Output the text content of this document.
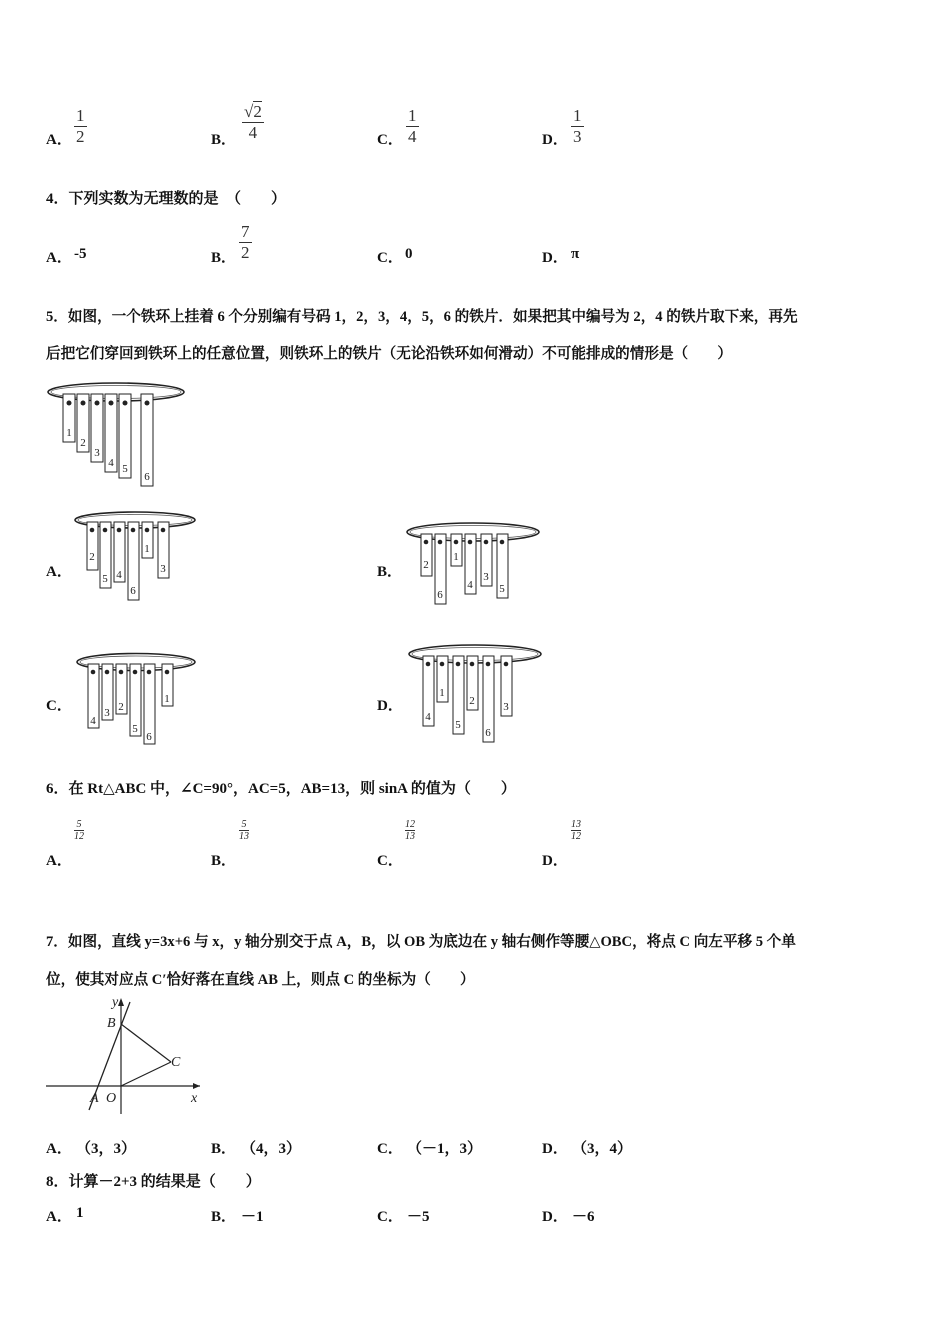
A．
1
2	B．
√2
4	C．
1
4	D．
1
3
4．下列实数为无理数的是　（　　）
A． -5	B．
7
2	C． 0	D． π
5．如图，一个铁环上挂着 6 个分别编有号码 1，2，3，4，5，6 的铁片．如果把其中编号为 2，4 的铁片取下来，再先
后把它们穿回到铁环上的任意位置，则铁环上的铁片（无论沿铁环如何滑动）不可能排成的情形是（　　）
1
2
3
4 5
6
A．
2
5 4
6
1
3	B． 2
6
1
4
3
5
C．
4
3 2
5
6
1	D．
4
1
5
2
6
3
6．在 Rt△ABC 中，∠C=90°，AC=5，AB=13，则 sinA 的值为（　　）
A．
5
12
B．
5
13
C．
12
13
D．
13
12
7．如图，直线 y=3x+6 与 x，y 轴分别交于点 A，B，以 OB 为底边在 y 轴右侧作等腰△OBC，将点 C 向左平移 5 个单
位，使其对应点 C′恰好落在直线 AB 上，则点 C 的坐标为（　　）
y
x
B
C
A O
A． （3，3）	B． （4，3）	C． （－1，3）	D． （3，4）
8．计算－2+3 的结果是（　　）
A． 1	B． －1	C． －5	D． －6
